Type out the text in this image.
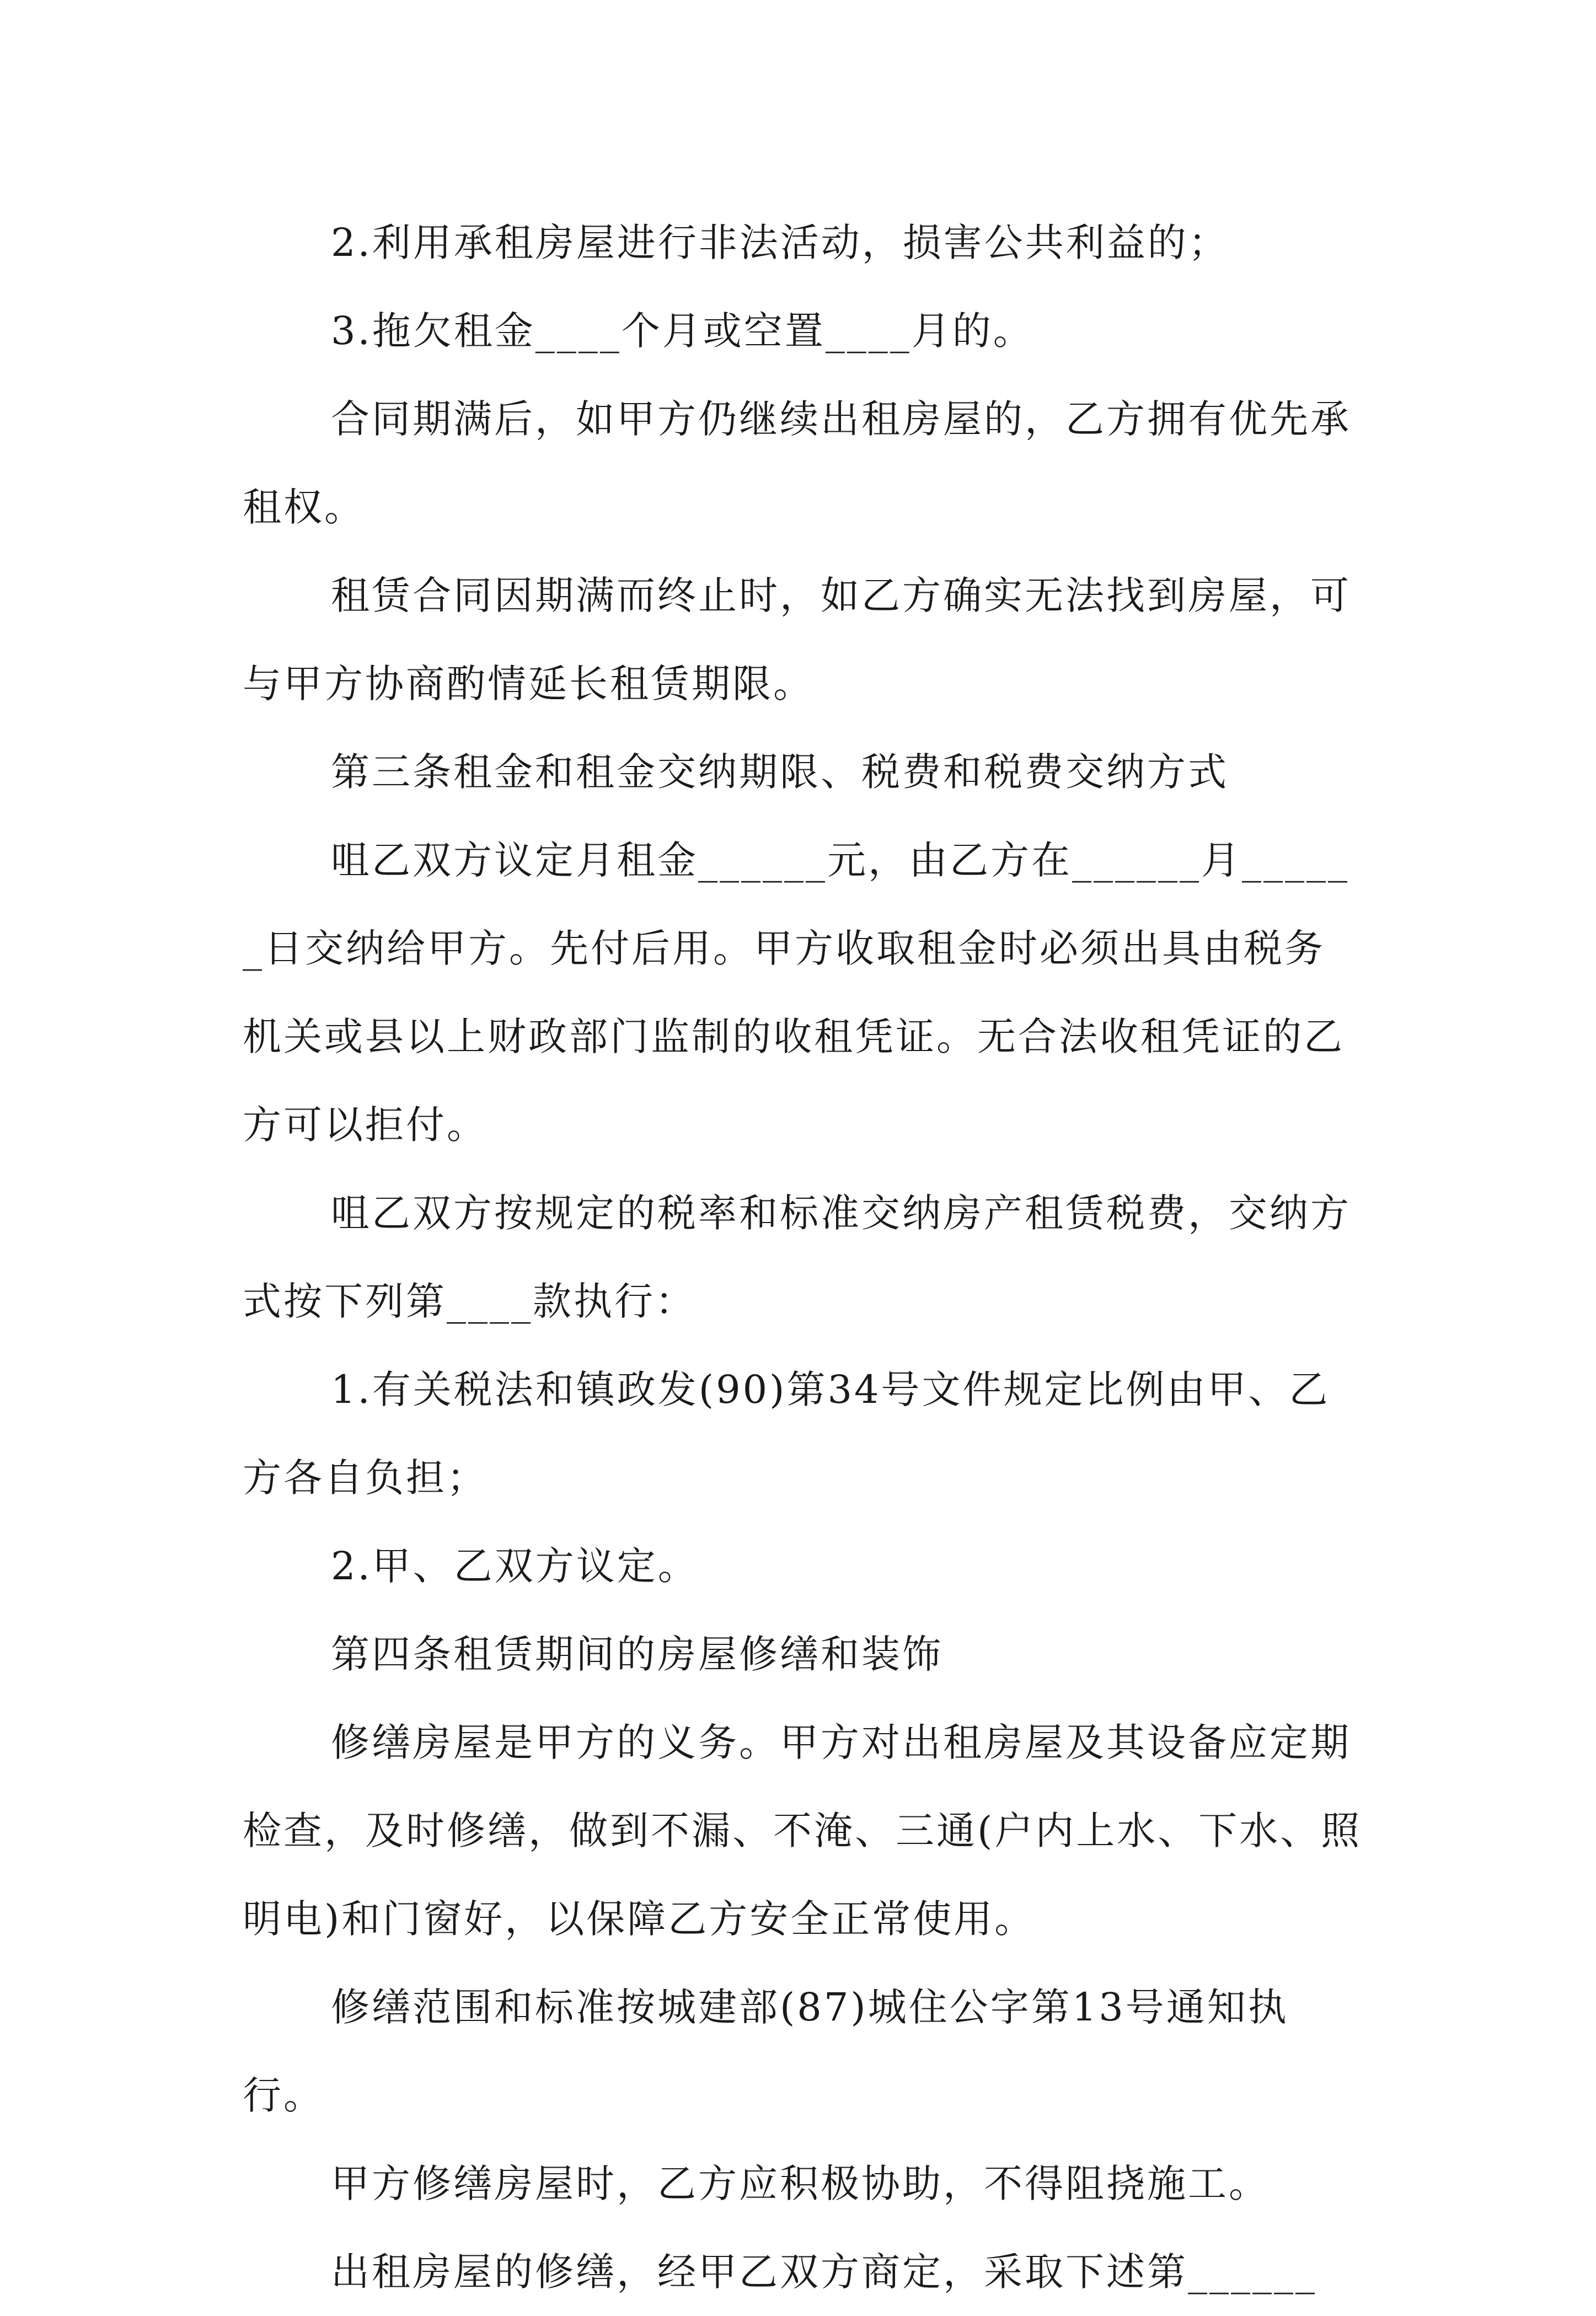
2.利用承租房屋进行非法活动，损害公共利益的；

3.拖欠租金____个月或空置____月的。

合同期满后，如甲方仍继续出租房屋的，乙方拥有优先承租权。

租赁合同因期满而终止时，如乙方确实无法找到房屋，可与甲方协商酌情延长租赁期限。

第三条租金和租金交纳期限、税费和税费交纳方式

咀乙双方议定月租金______元，由乙方在______月______日交纳给甲方。先付后用。甲方收取租金时必须出具由税务机关或县以上财政部门监制的收租凭证。无合法收租凭证的乙方可以拒付。

咀乙双方按规定的税率和标准交纳房产租赁税费，交纳方式按下列第____款执行：

1.有关税法和镇政发(90)第34号文件规定比例由甲、乙方各自负担；

2.甲、乙双方议定。

第四条租赁期间的房屋修缮和装饰

修缮房屋是甲方的义务。甲方对出租房屋及其设备应定期检查，及时修缮，做到不漏、不淹、三通(户内上水、下水、照明电)和门窗好，以保障乙方安全正常使用。

修缮范围和标准按城建部(87)城住公字第13号通知执行。

甲方修缮房屋时，乙方应积极协助，不得阻挠施工。

出租房屋的修缮，经甲乙双方商定，采取下述第______
